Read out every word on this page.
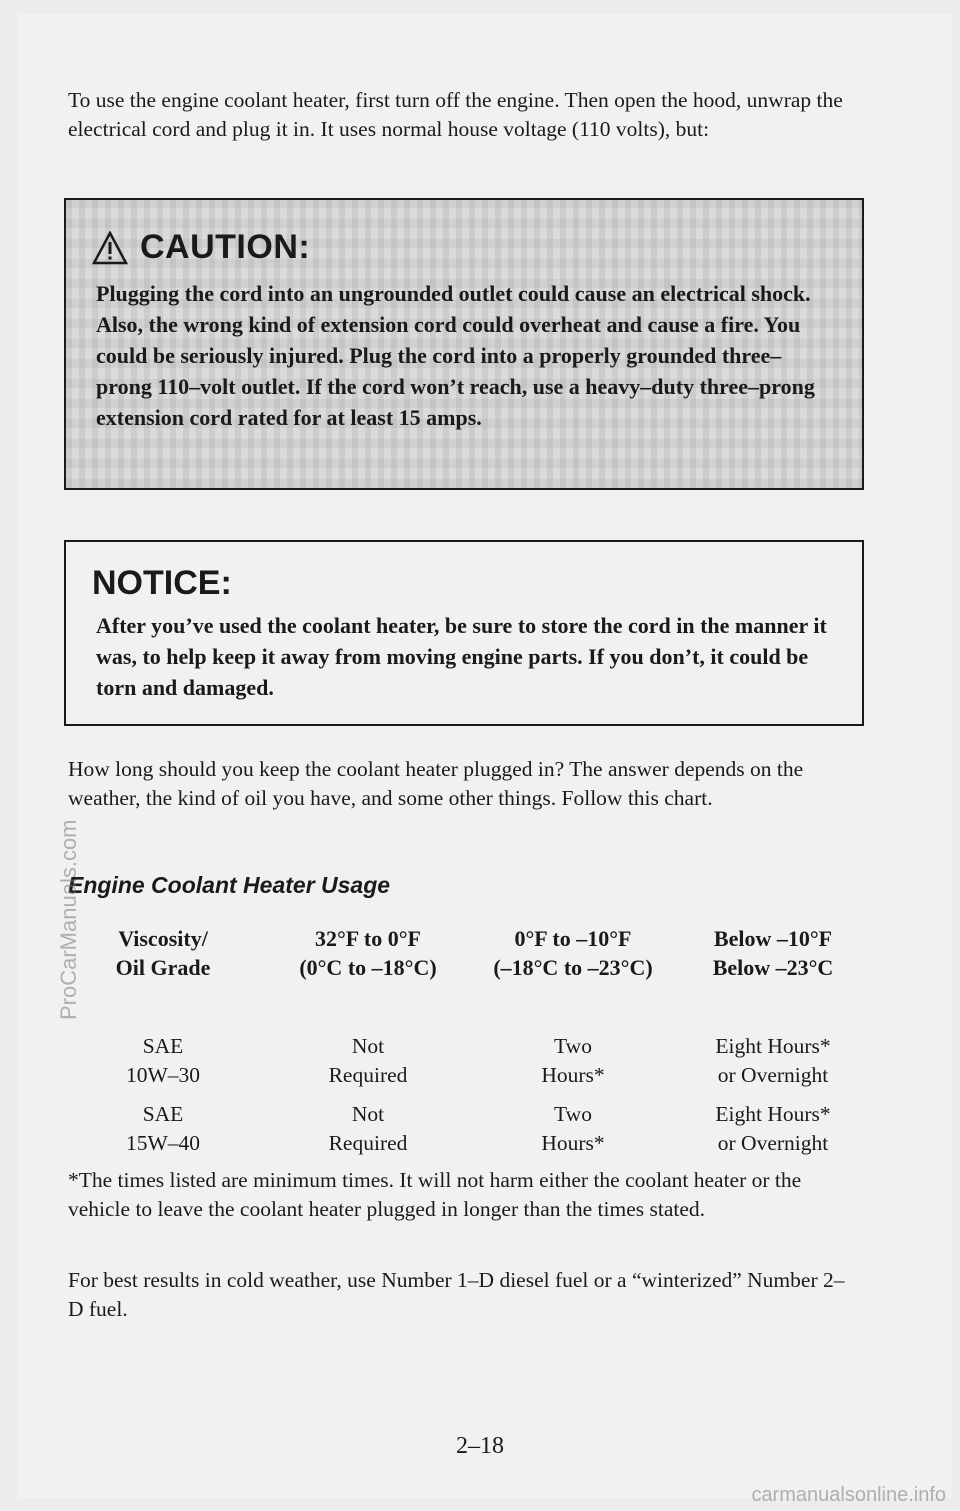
To use the engine coolant heater, first turn off the engine. Then open the hood, unwrap the electrical cord and plug it in. It uses normal house voltage (110 volts), but:

CAUTION:

Plugging the cord into an ungrounded outlet could cause an electrical shock. Also, the wrong kind of extension cord could overheat and cause a fire. You could be seriously injured. Plug the cord into a properly grounded three–prong 110–volt outlet. If the cord won’t reach, use a heavy–duty three–prong extension cord rated for at least 15 amps.

NOTICE:

After you’ve used the coolant heater, be sure to store the cord in the manner it was, to help keep it away from moving engine parts. If you don’t, it could be torn and damaged.

How long should you keep the coolant heater plugged in? The answer depends on the weather, the kind of oil you have, and some other things. Follow this chart.

Engine Coolant Heater Usage
Viscosity/
Oil Grade
32°F to 0°F
(0°C to –18°C)
0°F to –10°F
(–18°C to –23°C)
Below –10°F
Below –23°C
SAE
10W–30
Not
Required
Two
Hours*
Eight Hours*
or Overnight
SAE
15W–40
Not
Required
Two
Hours*
Eight Hours*
or Overnight

*The times listed are minimum times. It will not harm either the coolant heater or the vehicle to leave the coolant heater plugged in longer than the times stated.

For best results in cold weather, use Number 1–D diesel fuel or a “winterized” Number 2–D fuel.

2–18
ProCarManuals.com
carmanualsonline.info
